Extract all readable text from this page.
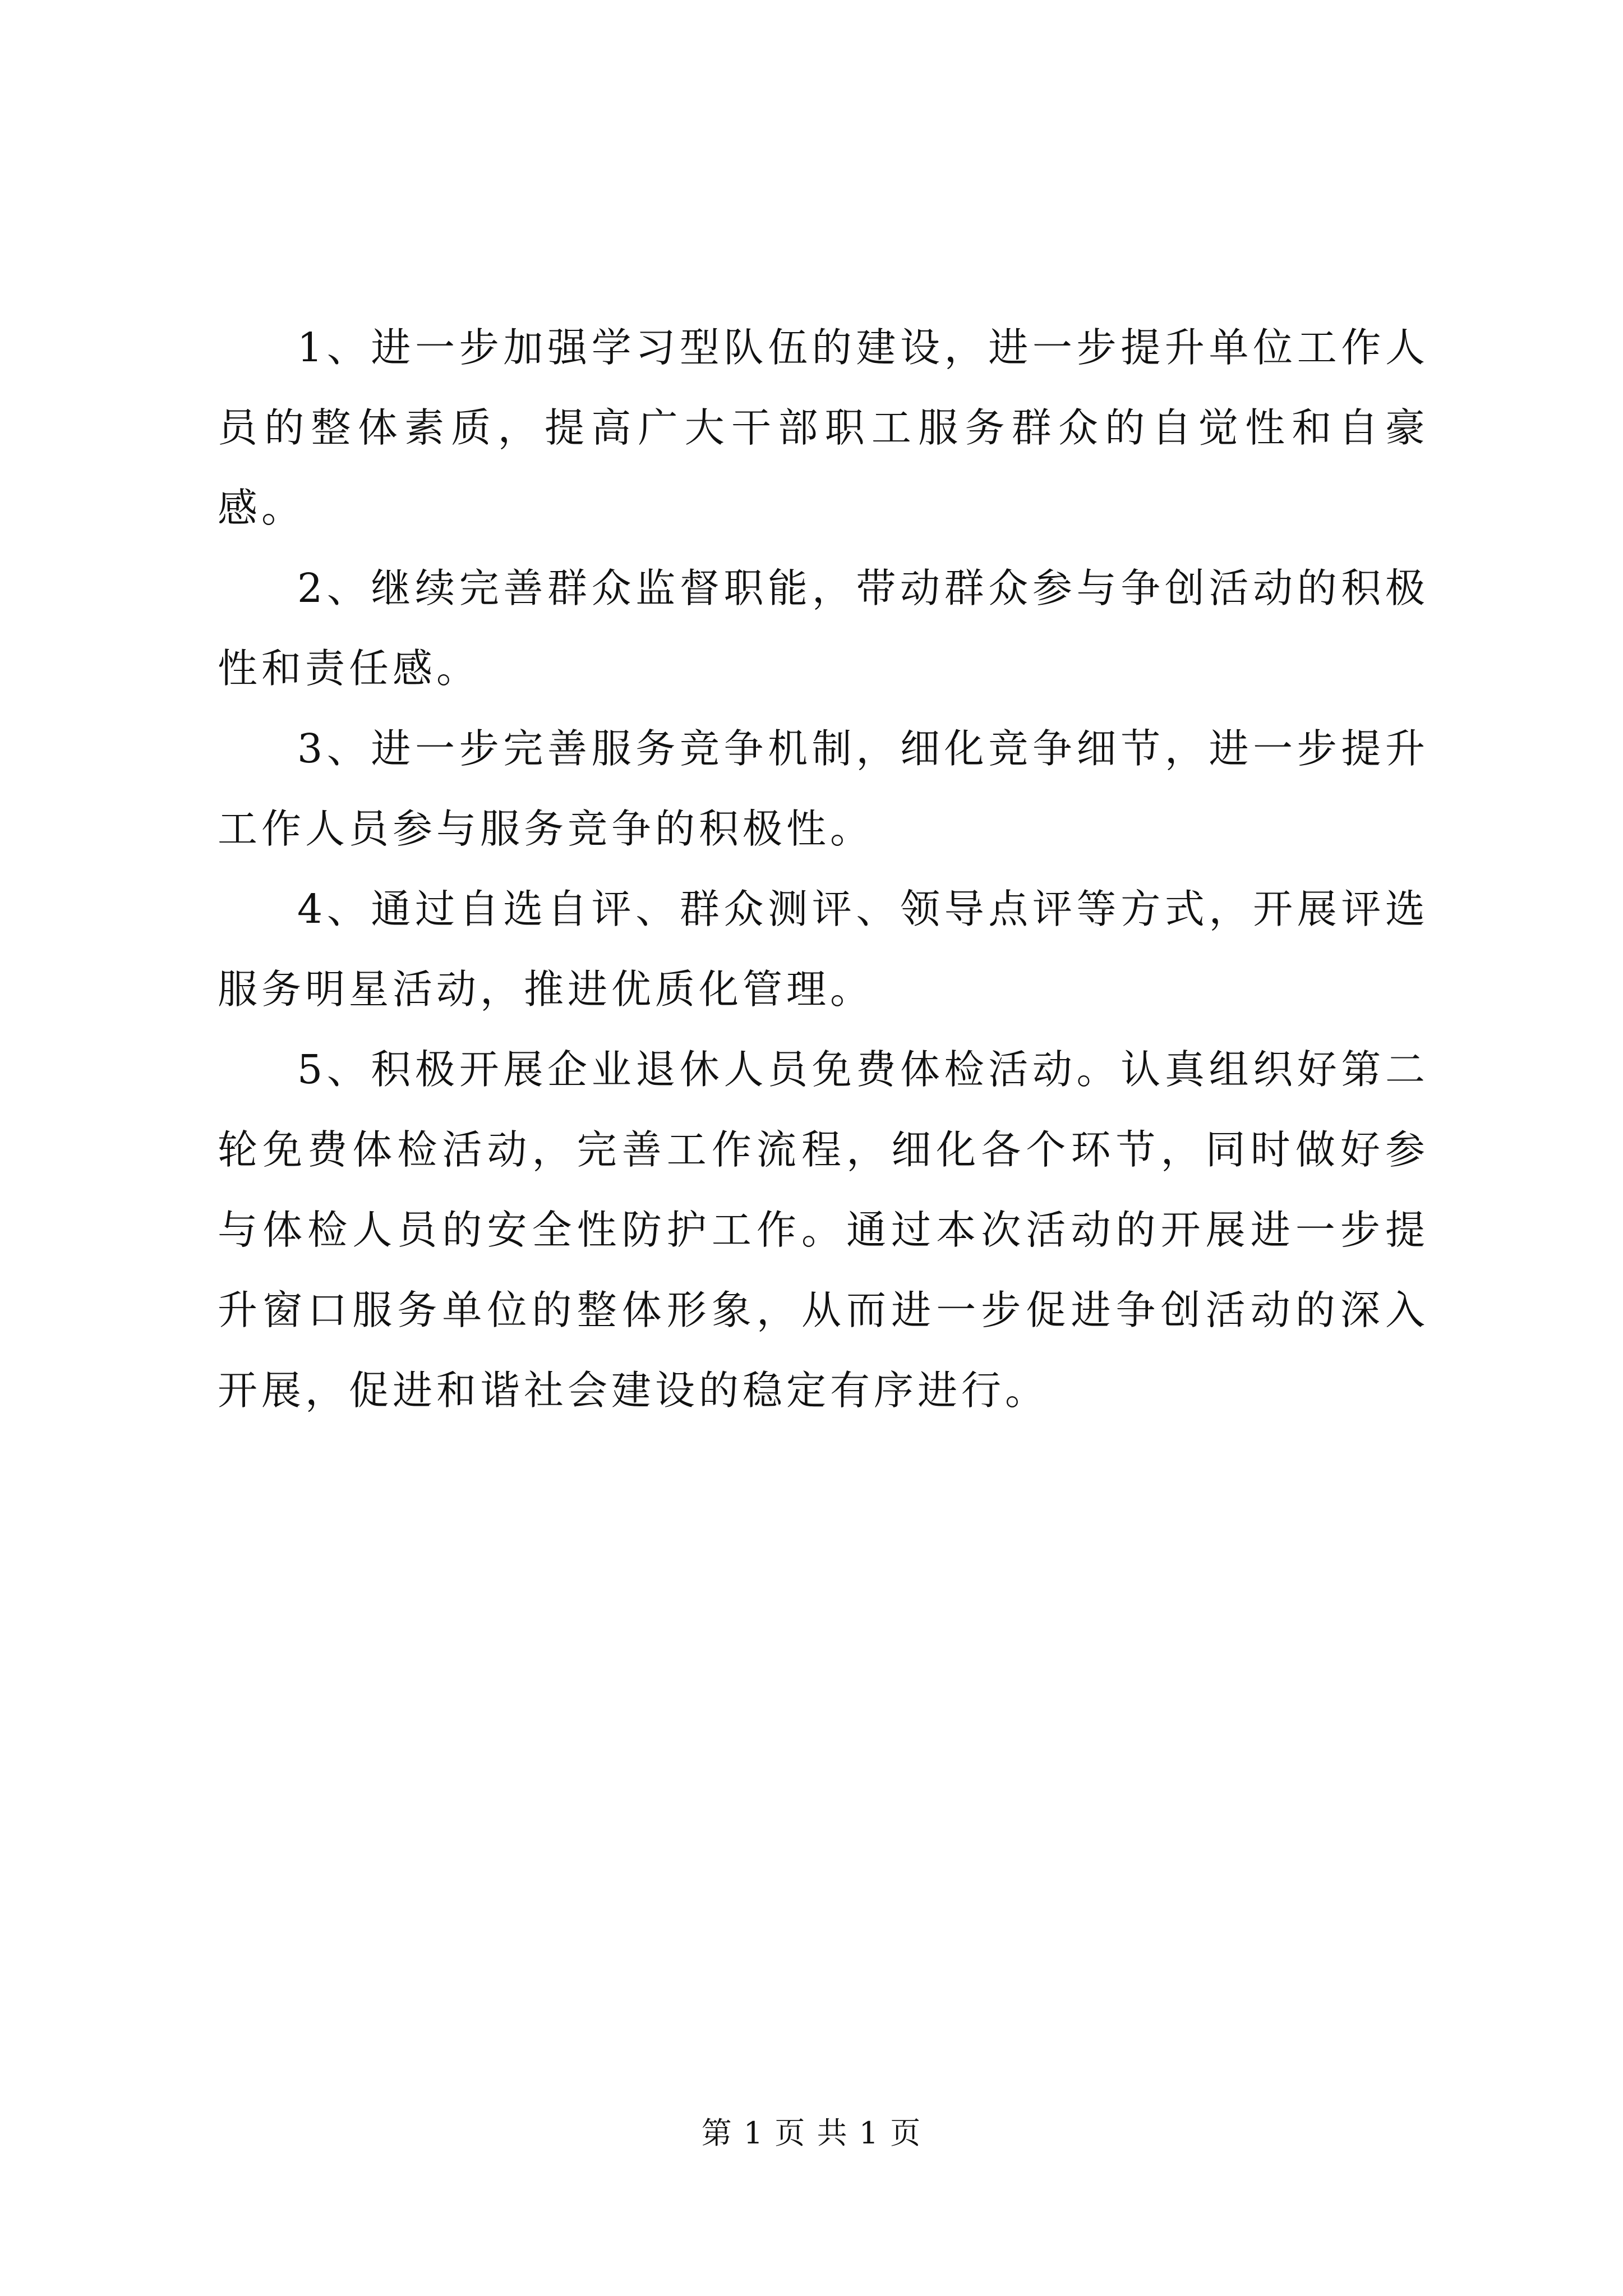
1、进一步加强学习型队伍的建设，进一步提升单位工作人员的整体素质，提高广大干部职工服务群众的自觉性和自豪感。

2、继续完善群众监督职能，带动群众参与争创活动的积极性和责任感。

3、进一步完善服务竞争机制，细化竞争细节，进一步提升工作人员参与服务竞争的积极性。

4、通过自选自评、群众测评、领导点评等方式，开展评选服务明星活动，推进优质化管理。

5、积极开展企业退休人员免费体检活动。认真组织好第二轮免费体检活动，完善工作流程，细化各个环节，同时做好参与体检人员的安全性防护工作。通过本次活动的开展进一步提升窗口服务单位的整体形象，从而进一步促进争创活动的深入开展，促进和谐社会建设的稳定有序进行。

第 1 页 共 1 页
